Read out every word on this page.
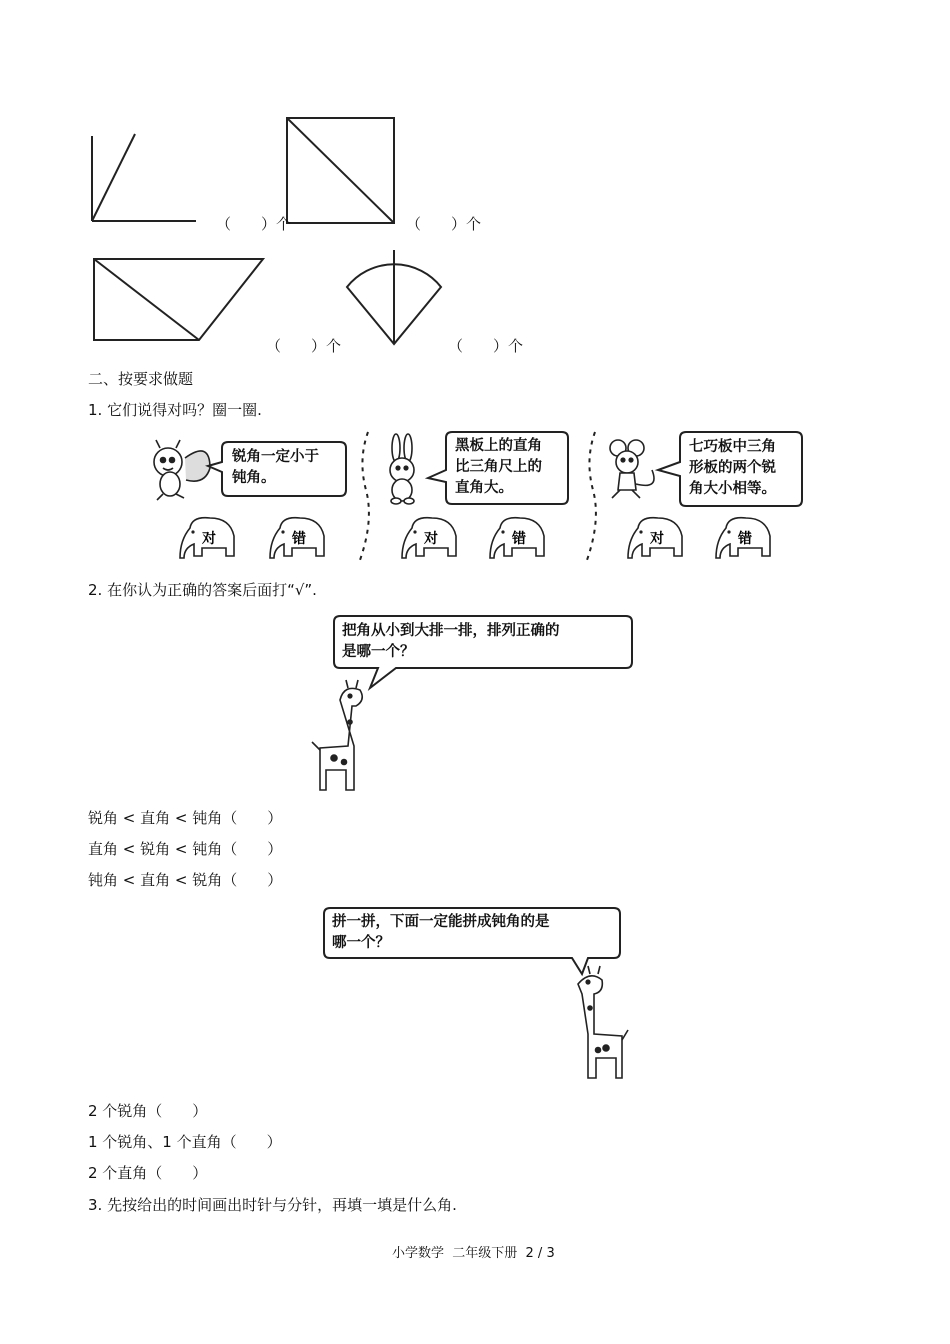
（　　）个	（　　）个
（　　）个	（　　）个
二、按要求做题
1. 它们说得对吗？圈一圈.
锐角一定小于
钝角。
黑板上的直角
比三角尺上的
直角大。
七巧板中三角
形板的两个锐
角大小相等。
对	错	对	错	对	错
2. 在你认为正确的答案后面打“√”.
把角从小到大排一排，排列正确的
是哪一个？
锐角 < 直角 < 钝角（　　）
直角 < 锐角 < 钝角（　　）
钝角 < 直角 < 锐角（　　）
拼一拼，下面一定能拼成钝角的是
哪一个？
2 个锐角（　　）
1 个锐角、1 个直角（　　）
2 个直角（　　）
3. 先按给出的时间画出时针与分针，再填一填是什么角.
小学数学  二年级下册  2 / 3
